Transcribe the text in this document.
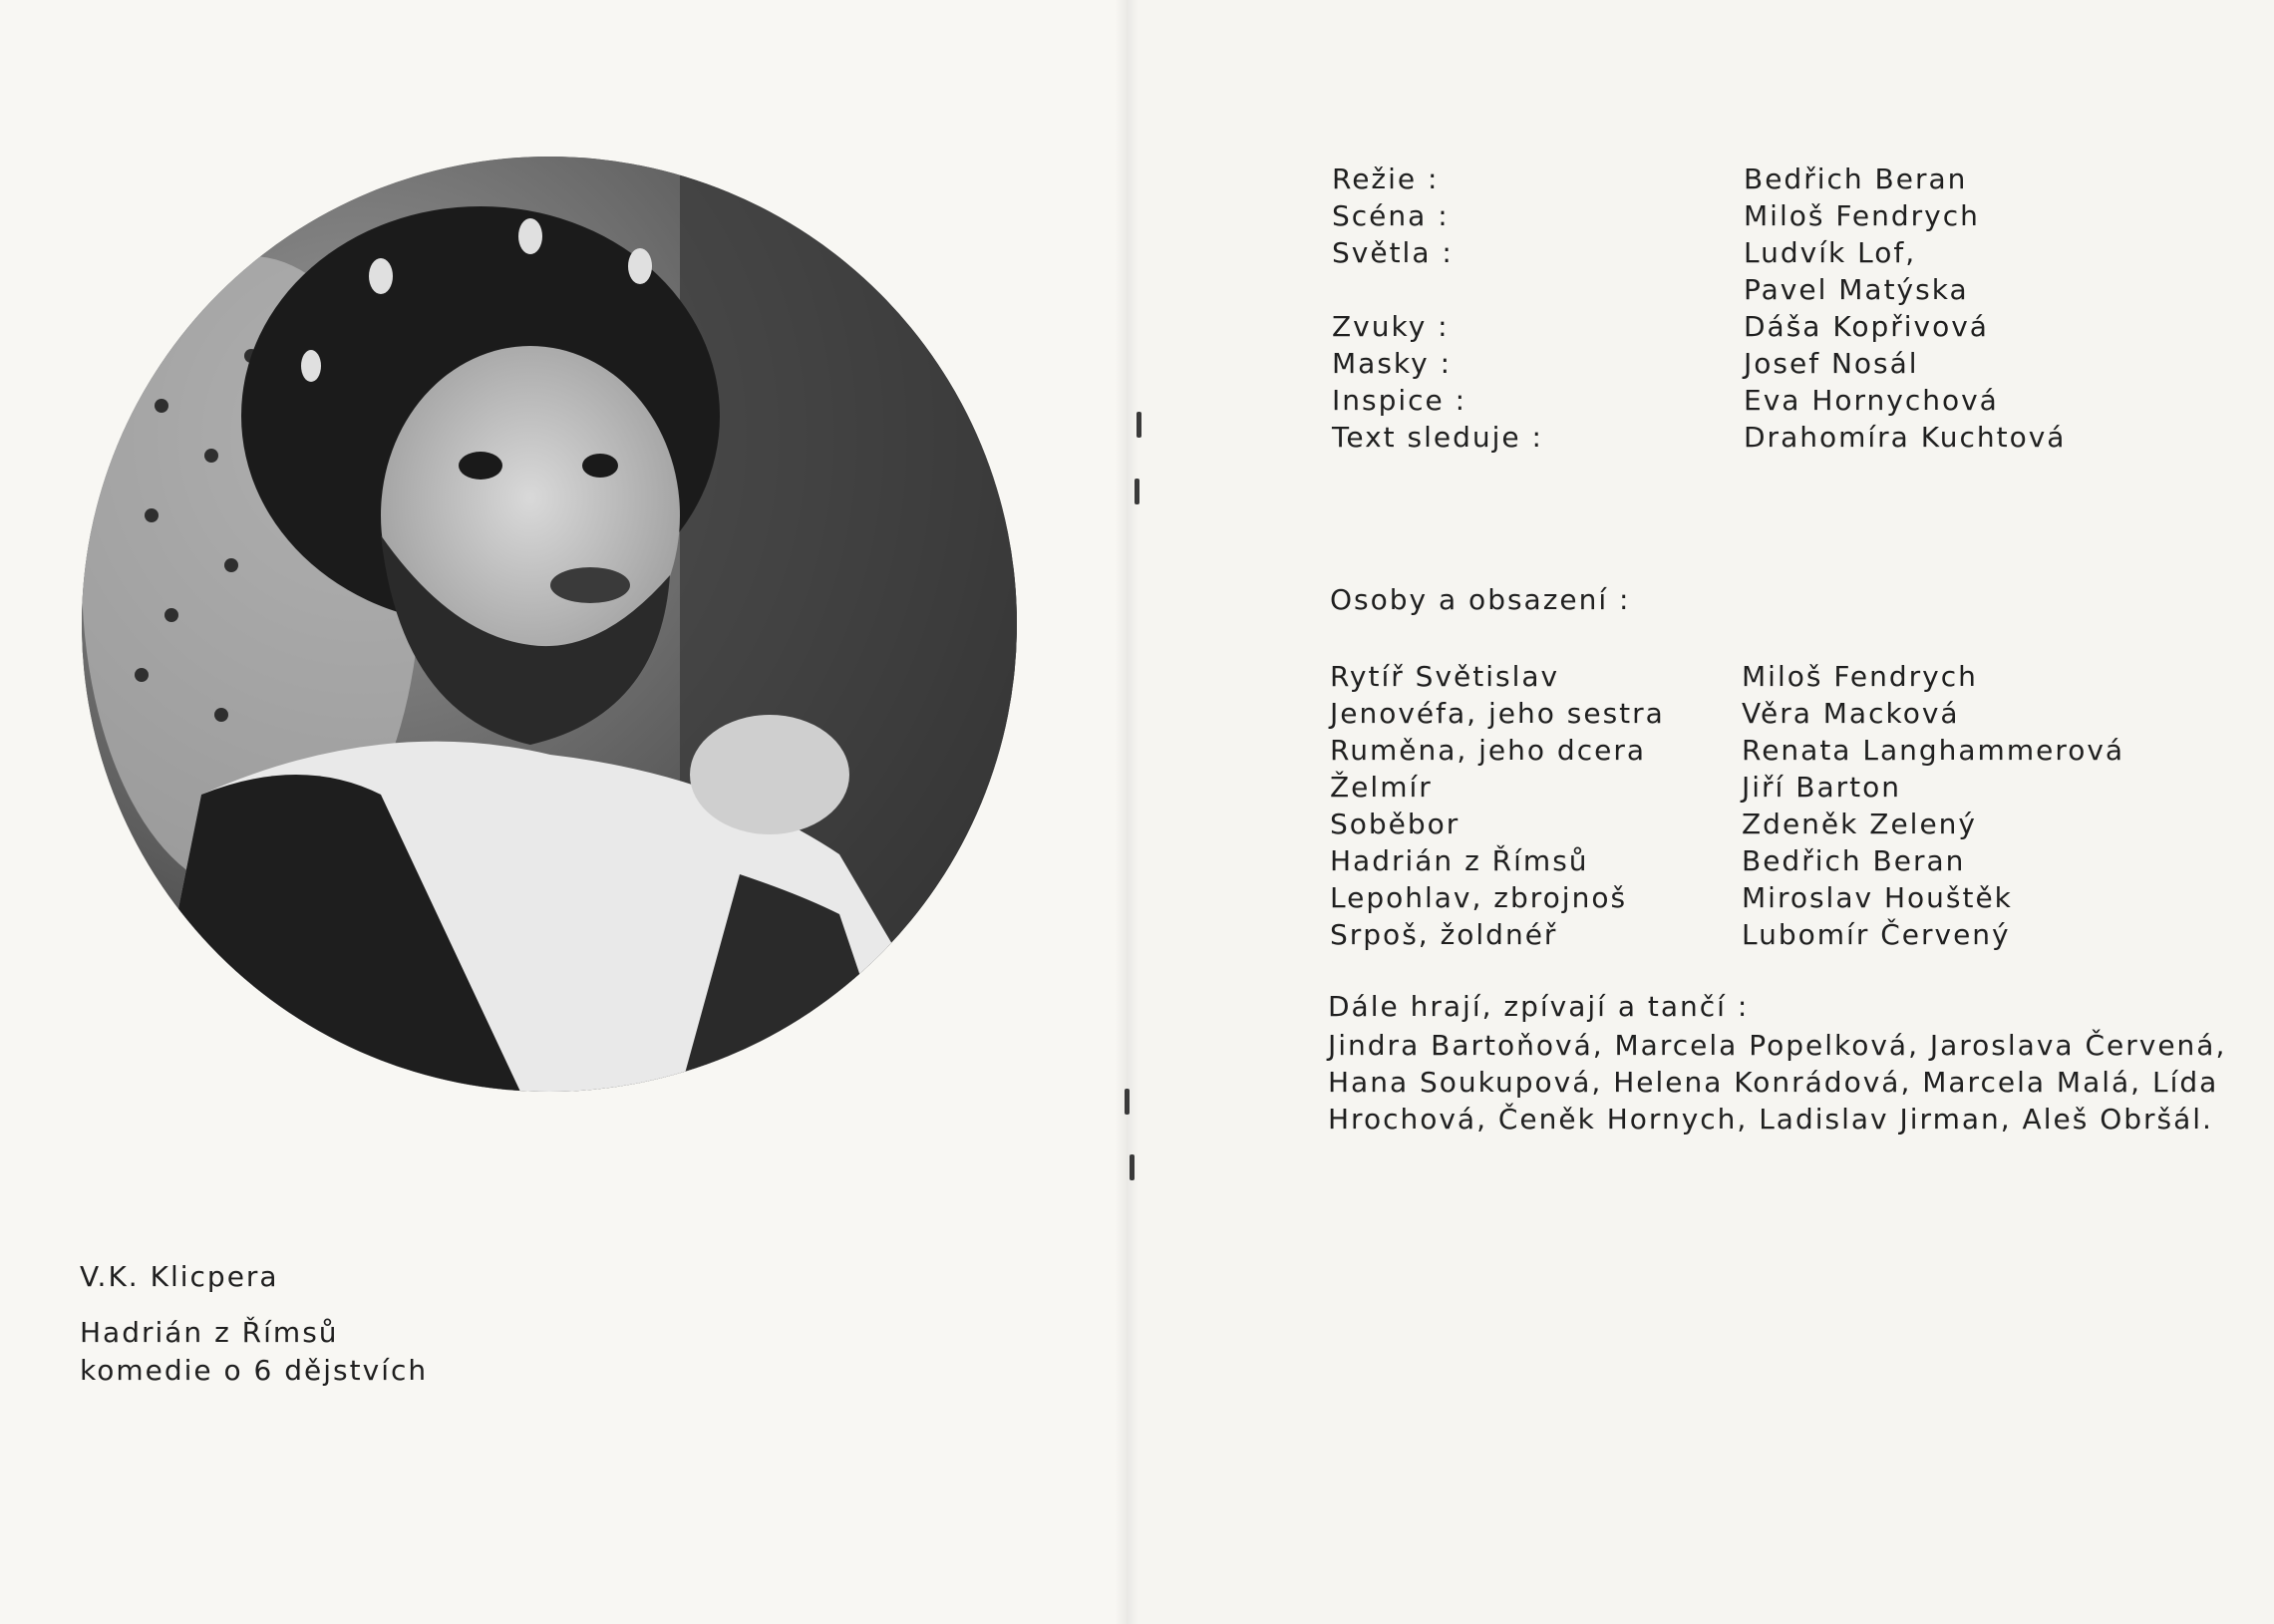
V.K. Klicpera
Hadrián z Římsů
komedie o 6 dějstvích
Režie :	Bedřich Beran
Scéna :	Miloš Fendrych
Světla :	Ludvík Lof,
Pavel Matýska
Zvuky :	Dáša Kopřivová
Masky :	Josef Nosál
Inspice :	Eva Hornychová
Text sleduje :	Drahomíra Kuchtová
Osoby a obsazení :
Rytíř Světislav	Miloš Fendrych
Jenovéfa, jeho sestra	Věra Macková
Ruměna, jeho dcera	Renata Langhammerová
Želmír	Jiří Barton
Soběbor	Zdeněk Zelený
Hadrián z Římsů	Bedřich Beran
Lepohlav, zbrojnoš	Miroslav Houštěk
Srpoš, žoldnéř	Lubomír Červený
Dále hrají, zpívají a tančí :
Jindra Bartoňová, Marcela Popelková, Jaroslava Červená,
Hana Soukupová, Helena Konrádová, Marcela Malá, Lída
Hrochová, Čeněk Hornych, Ladislav Jirman, Aleš Obršál.
